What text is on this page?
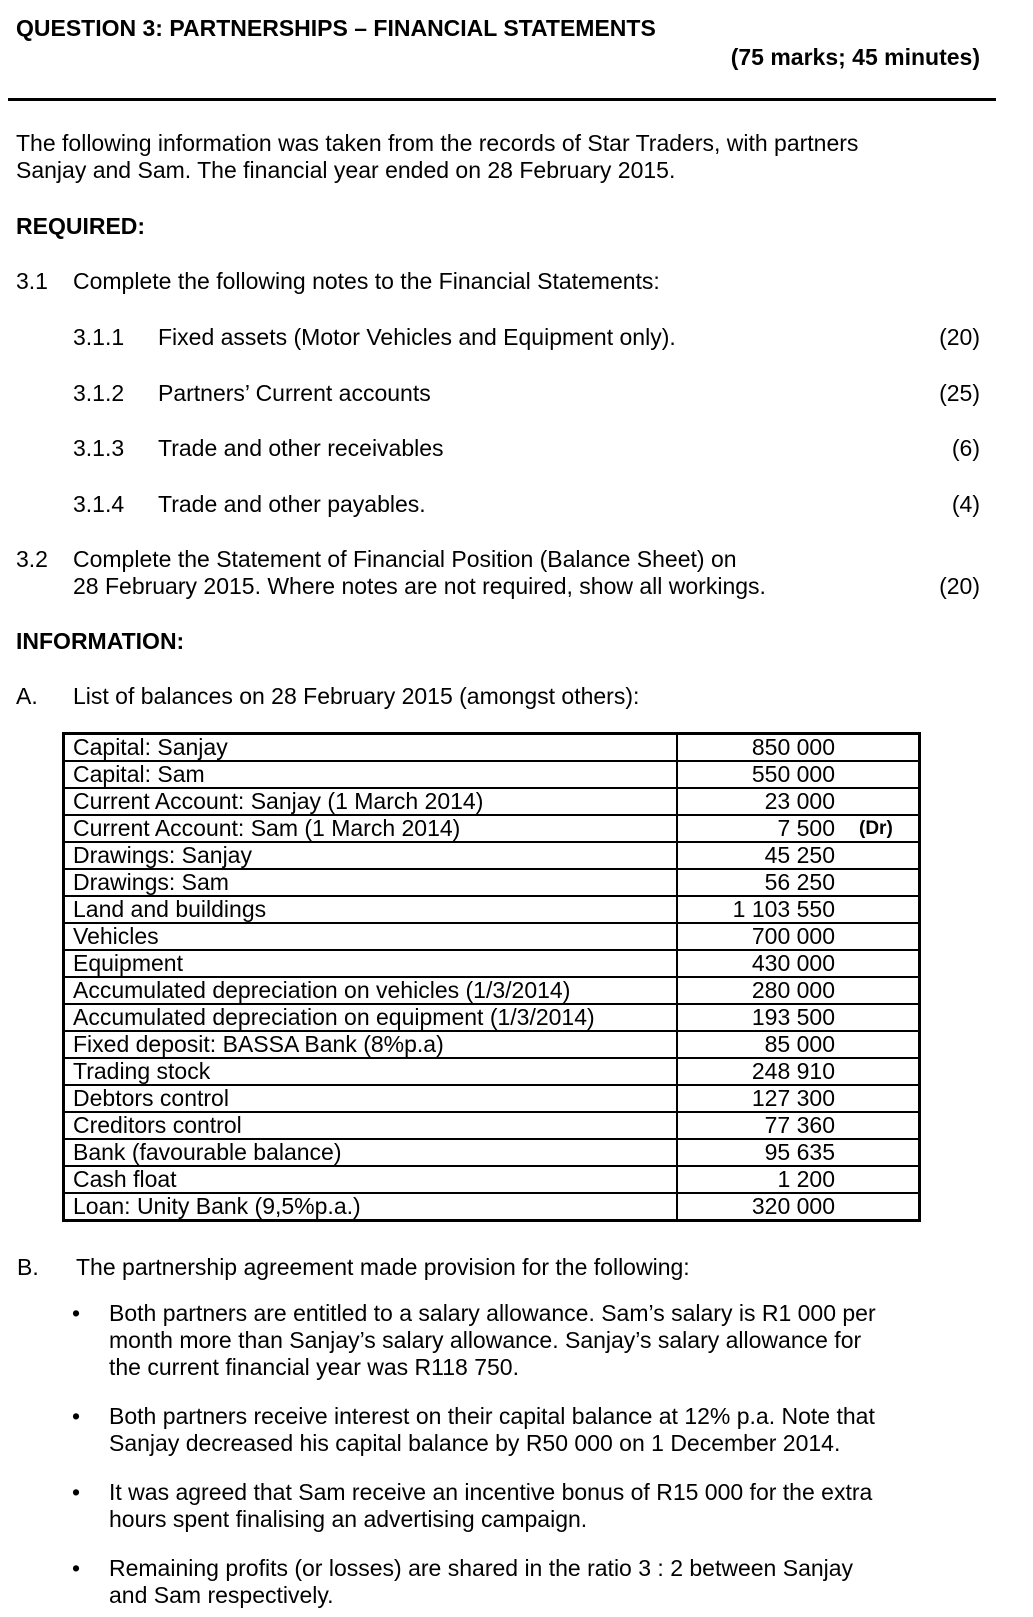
QUESTION 3: PARTNERSHIPS – FINANCIAL STATEMENTS
(75 marks; 45 minutes)
The following information was taken from the records of Star Traders, with partners
Sanjay and Sam. The financial year ended on 28 February 2015.
REQUIRED:
3.1 Complete the following notes to the Financial Statements:
3.1.1 Fixed assets (Motor Vehicles and Equipment only).	(20)
3.1.2 Partners’ Current accounts	(25)
3.1.3 Trade and other receivables	(6)
3.1.4 Trade and other payables.	(4)
3.2 Complete the Statement of Financial Position (Balance Sheet) on
28 February 2015. Where notes are not required, show all workings.	(20)
INFORMATION:
A. List of balances on 28 February 2015 (amongst others):
Capital: Sanjay	850 000

Capital: Sam	550 000

Current Account: Sanjay (1 March 2014)	23 000

Current Account: Sam (1 March 2014)	7 500 (Dr)

Drawings: Sanjay	45 250

Drawings: Sam	56 250

Land and buildings	1 103 550

Vehicles	700 000

Equipment	430 000

Accumulated depreciation on vehicles (1/3/2014)	280 000

Accumulated depreciation on equipment (1/3/2014)	193 500

Fixed deposit: BASSA Bank (8%p.a)	85 000

Trading stock	248 910

Debtors control	127 300

Creditors control	77 360

Bank (favourable balance)	95 635

Cash float	1 200

Loan: Unity Bank (9,5%p.a.)	320 000
B. The partnership agreement made provision for the following:
• Both partners are entitled to a salary allowance. Sam’s salary is R1 000 per
month more than Sanjay’s salary allowance. Sanjay’s salary allowance for
the current financial year was R118 750.
• Both partners receive interest on their capital balance at 12% p.a. Note that
Sanjay decreased his capital balance by R50 000 on 1 December 2014.
• It was agreed that Sam receive an incentive bonus of R15 000 for the extra
hours spent finalising an advertising campaign.
• Remaining profits (or losses) are shared in the ratio 3 : 2 between Sanjay
and Sam respectively.
